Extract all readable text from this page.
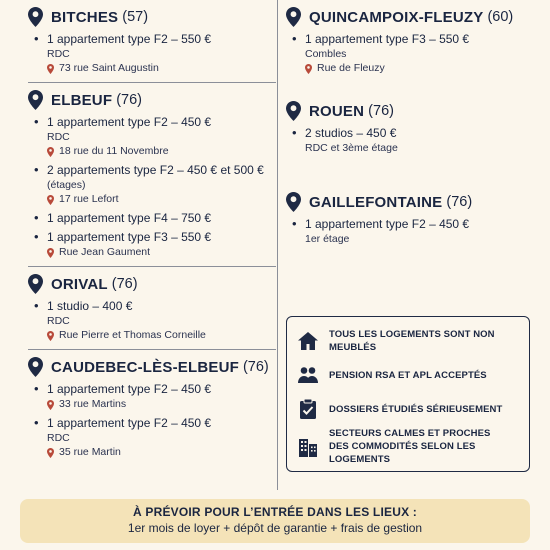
BITCHES (57)
• 1 appartement type F2 – 550 €
RDC
73 rue Saint Augustin
ELBEUF (76)
• 1 appartement type F2 – 450 €
RDC
18 rue du 11 Novembre
• 2 appartements type F2 – 450 € et 500 €
(étages)
17 rue Lefort
• 1 appartement type F4 – 750 €
• 1 appartement type F3 – 550 €
Rue Jean Gaument
ORIVAL (76)
• 1 studio – 400 €
RDC
Rue Pierre et Thomas Corneille
CAUDEBEC-LÈS-ELBEUF (76)
• 1 appartement type F2 – 450 €
33 rue Martins
• 1 appartement type F2 – 450 €
RDC
35 rue Martin
QUINCAMPOIX-FLEUZY (60)
• 1 appartement type F3 – 550 €
Combles
Rue de Fleuzy
ROUEN (76)
• 2 studios – 450 €
RDC et 3ème étage
GAILLEFONTAINE (76)
• 1 appartement type F2 – 450 €
1er étage
TOUS LES LOGEMENTS SONT NON MEUBLÉS
PENSION RSA ET APL ACCEPTÉS
DOSSIERS ÉTUDIÉS SÉRIEUSEMENT
SECTEURS CALMES ET PROCHES
DES COMMODITÉS SELON LES LOGEMENTS
À PRÉVOIR POUR L’ENTRÉE DANS LES LIEUX :
1er mois de loyer + dépôt de garantie + frais de gestion
